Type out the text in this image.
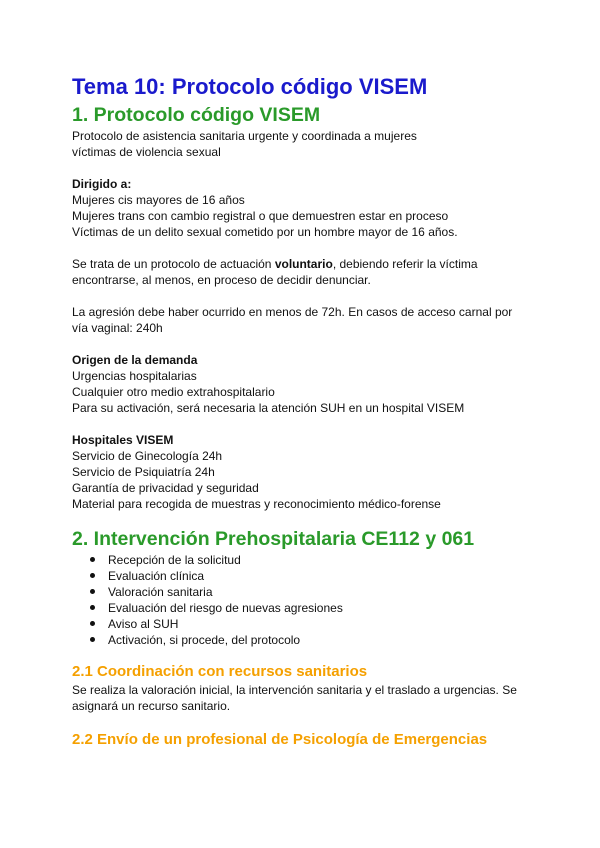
Tema 10: Protocolo código VISEM
1. Protocolo código VISEM
Protocolo de asistencia sanitaria urgente y coordinada a mujeres
víctimas de violencia sexual
Dirigido a:
Mujeres cis mayores de 16 años
Mujeres trans con cambio registral o que demuestren estar en proceso
Víctimas de un delito sexual cometido por un hombre mayor de 16 años.
Se trata de un protocolo de actuación voluntario, debiendo referir la víctima
encontrarse, al menos, en proceso de decidir denunciar.
La agresión debe haber ocurrido en menos de 72h. En casos de acceso carnal por
vía vaginal: 240h
Origen de la demanda
Urgencias hospitalarias
Cualquier otro medio extrahospitalario
Para su activación, será necesaria la atención SUH en un hospital VISEM
Hospitales VISEM
Servicio de Ginecología 24h
Servicio de Psiquiatría 24h
Garantía de privacidad y seguridad
Material para recogida de muestras y reconocimiento médico-forense
2. Intervención Prehospitalaria CE112 y 061
Recepción de la solicitud
Evaluación clínica
Valoración sanitaria
Evaluación del riesgo de nuevas agresiones
Aviso al SUH
Activación, si procede, del protocolo
2.1 Coordinación con recursos sanitarios
Se realiza la valoración inicial, la intervención sanitaria y el traslado a urgencias. Se
asignará un recurso sanitario.
2.2 Envío de un profesional de Psicología de Emergencias
